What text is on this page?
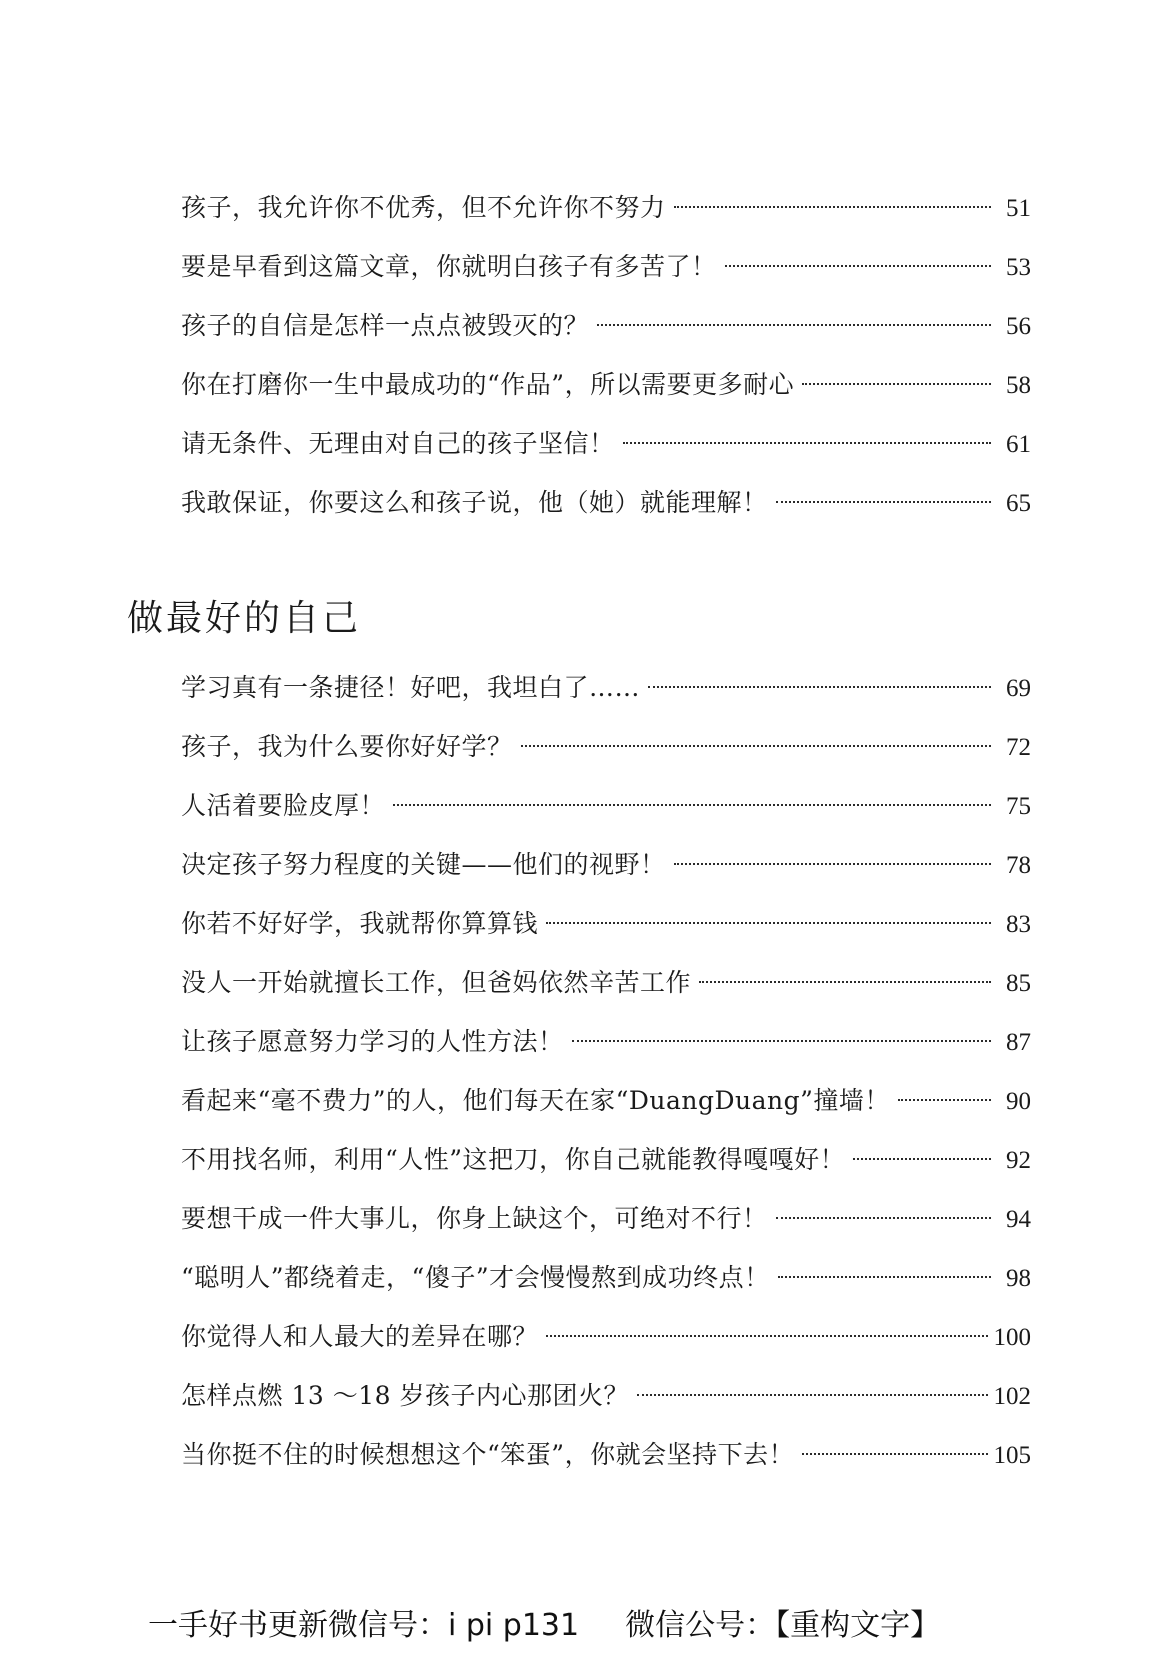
孩子，我允许你不优秀，但不允许你不努力	51
要是早看到这篇文章，你就明白孩子有多苦了！	53
孩子的自信是怎样一点点被毁灭的？	56
你在打磨你一生中最成功的“作品”，所以需要更多耐心	58
请无条件、无理由对自己的孩子坚信！	61
我敢保证，你要这么和孩子说，他（她）就能理解！	65
做最好的自己
学习真有一条捷径！好吧，我坦白了……	69
孩子，我为什么要你好好学？	72
人活着要脸皮厚！	75
决定孩子努力程度的关键——他们的视野！	78
你若不好好学，我就帮你算算钱	83
没人一开始就擅长工作，但爸妈依然辛苦工作	85
让孩子愿意努力学习的人性方法！	87
看起来“毫不费力”的人，他们每天在家“DuangDuang”撞墙！	90
不用找名师，利用“人性”这把刀，你自己就能教得嘎嘎好！	92
要想干成一件大事儿，你身上缺这个，可绝对不行！	94
“聪明人”都绕着走，“傻子”才会慢慢熬到成功终点！	98
你觉得人和人最大的差异在哪？	100
怎样点燃 13 ～18 岁孩子内心那团火？	102
当你挺不住的时候想想这个“笨蛋”，你就会坚持下去！	105
一手好书更新微信号：i pi p131 微信公号：【重构文字】
